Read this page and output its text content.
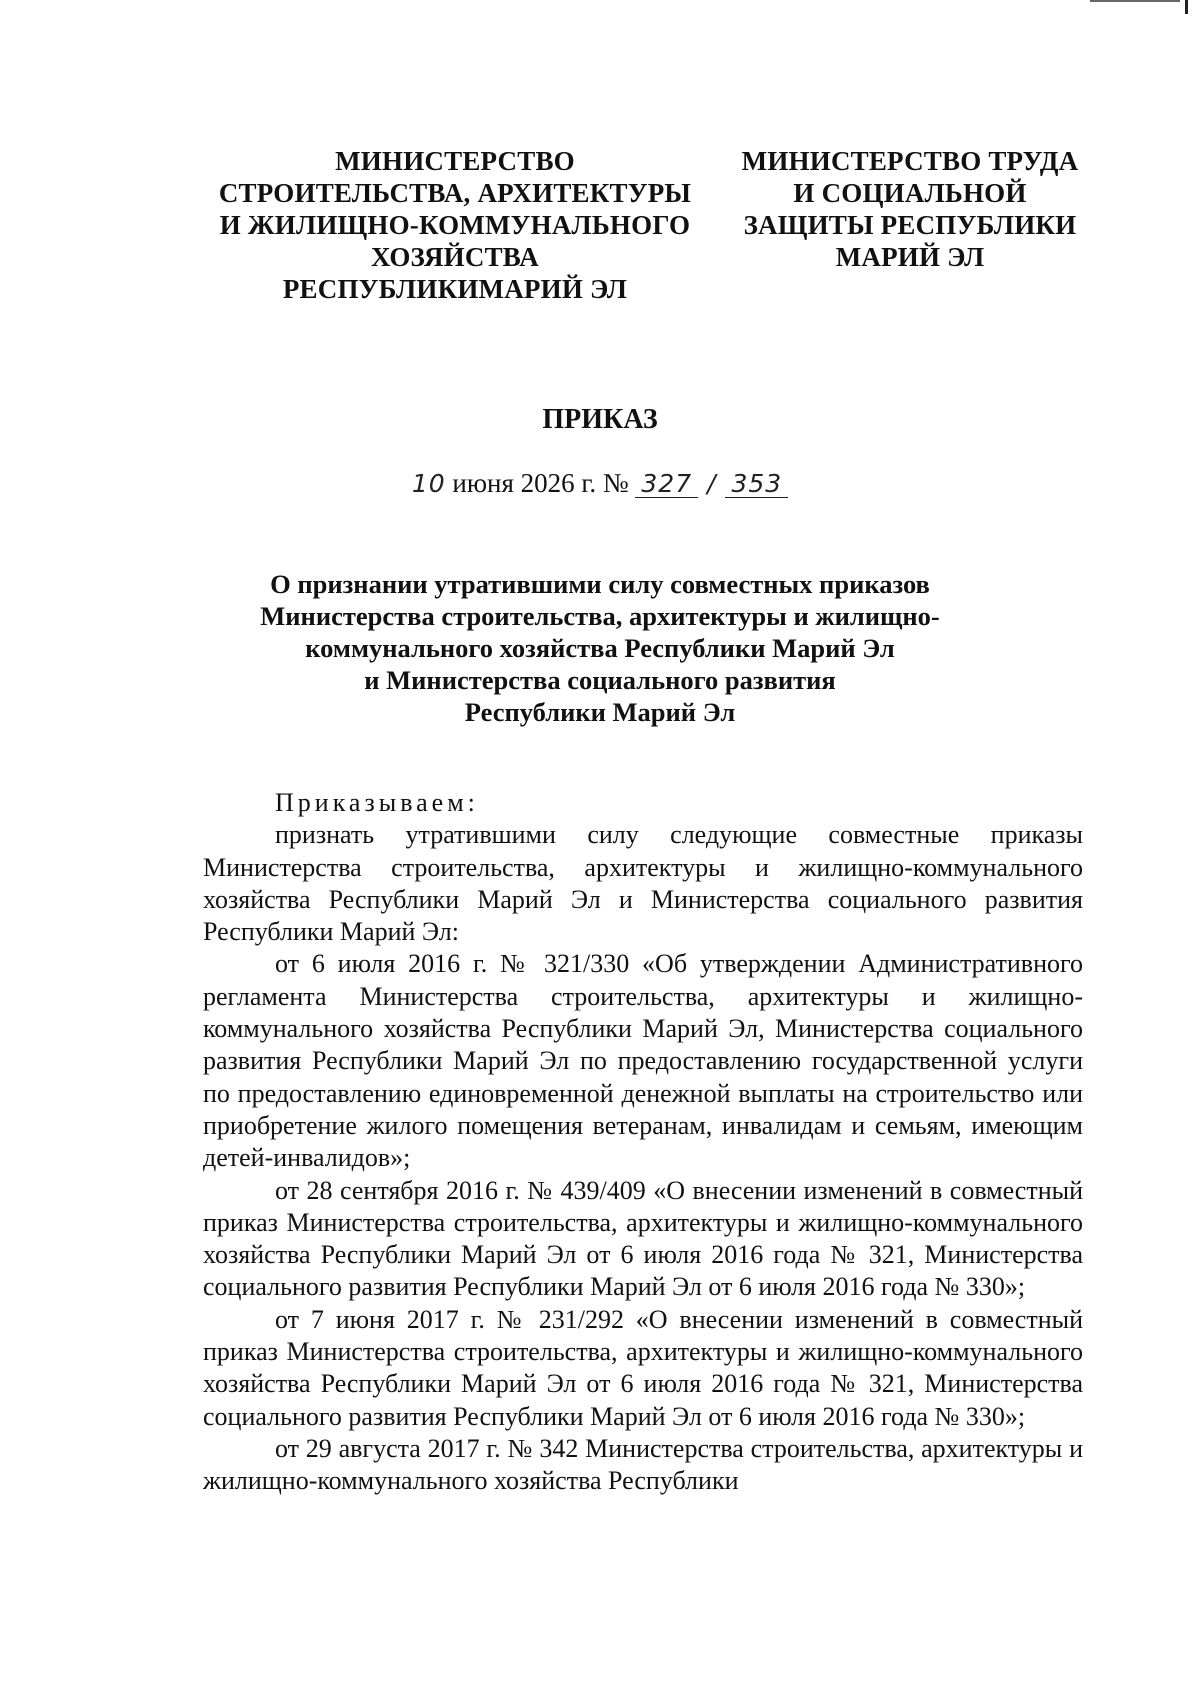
МИНИСТЕРСТВО
СТРОИТЕЛЬСТВА, АРХИТЕКТУРЫ
И ЖИЛИЩНО-КОММУНАЛЬНОГО
ХОЗЯЙСТВА
РЕСПУБЛИКИМАРИЙ ЭЛ
МИНИСТЕРСТВО ТРУДА
И СОЦИАЛЬНОЙ
ЗАЩИТЫ РЕСПУБЛИКИ
МАРИЙ ЭЛ
ПРИКАЗ
10 июня 2026 г. № 327 / 353
О признании утратившими силу совместных приказов
Министерства строительства, архитектуры и жилищно-
коммунального хозяйства Республики Марий Эл
и Министерства социального развития
Республики Марий Эл
Приказываем:
признать утратившими силу следующие совместные приказы Министерства строительства, архитектуры и жилищно-коммунального хозяйства Республики Марий Эл и Министерства социального развития Республики Марий Эл:
от 6 июля 2016 г. № 321/330 «Об утверждении Административного регламента Министерства строительства, архитектуры и жилищно-коммунального хозяйства Республики Марий Эл, Министерства социального развития Республики Марий Эл по предоставлению государственной услуги по предоставлению единовременной денежной выплаты на строительство или приобретение жилого помещения ветеранам, инвалидам и семьям, имеющим детей-инвалидов»;
от 28 сентября 2016 г. № 439/409 «О внесении изменений в совместный приказ Министерства строительства, архитектуры и жилищно-коммунального хозяйства Республики Марий Эл от 6 июля 2016 года № 321, Министерства социального развития Республики Марий Эл от 6 июля 2016 года № 330»;
от 7 июня 2017 г. № 231/292 «О внесении изменений в совместный приказ Министерства строительства, архитектуры и жилищно-коммунального хозяйства Республики Марий Эл от 6 июля 2016 года № 321, Министерства социального развития Республики Марий Эл от 6 июля 2016 года № 330»;
от 29 августа 2017 г. № 342 Министерства строительства, архитектуры и жилищно-коммунального хозяйства Республики
